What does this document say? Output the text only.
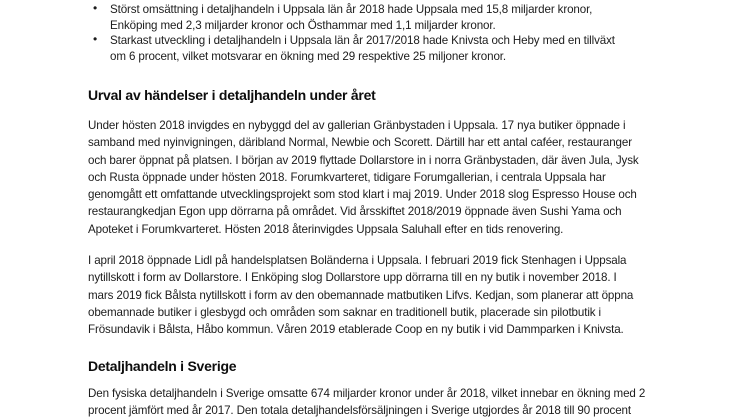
• Störst omsättning i detaljhandeln i Uppsala län år 2018 hade Uppsala med 15,8 miljarder kronor,
Enköping med 2,3 miljarder kronor och Östhammar med 1,1 miljarder kronor.
• Starkast utveckling i detaljhandeln i Uppsala län år 2017/2018 hade Knivsta och Heby med en tillväxt
om 6 procent, vilket motsvarar en ökning med 29 respektive 25 miljoner kronor.
Urval av händelser i detaljhandeln under året
Under hösten 2018 invigdes en nybyggd del av gallerian Gränbystaden i Uppsala. 17 nya butiker öppnade i
samband med nyinvigningen, däribland Normal, Newbie och Scorett. Därtill har ett antal caféer, restauranger
och barer öppnat på platsen. I början av 2019 flyttade Dollarstore in i norra Gränbystaden, där även Jula, Jysk
och Rusta öppnade under hösten 2018. Forumkvarteret, tidigare Forumgallerian, i centrala Uppsala har
genomgått ett omfattande utvecklingsprojekt som stod klart i maj 2019. Under 2018 slog Espresso House och
restaurangkedjan Egon upp dörrarna på området. Vid årsskiftet 2018/2019 öppnade även Sushi Yama och
Apoteket i Forumkvarteret. Hösten 2018 återinvigdes Uppsala Saluhall efter en tids renovering.
I april 2018 öppnade Lidl på handelsplatsen Boländerna i Uppsala. I februari 2019 fick Stenhagen i Uppsala
nytillskott i form av Dollarstore. I Enköping slog Dollarstore upp dörrarna till en ny butik i november 2018. I
mars 2019 fick Bålsta nytillskott i form av den obemannade matbutiken Lifvs. Kedjan, som planerar att öppna
obemannade butiker i glesbygd och områden som saknar en traditionell butik, placerade sin pilotbutik i
Frösundavik i Bålsta, Håbo kommun. Våren 2019 etablerade Coop en ny butik i vid Dammparken i Knivsta.
Detaljhandeln i Sverige
Den fysiska detaljhandeln i Sverige omsatte 674 miljarder kronor under år 2018, vilket innebar en ökning med 2
procent jämfört med år 2017. Den totala detaljhandelsförsäljningen i Sverige utgjordes år 2018 till 90 procent
